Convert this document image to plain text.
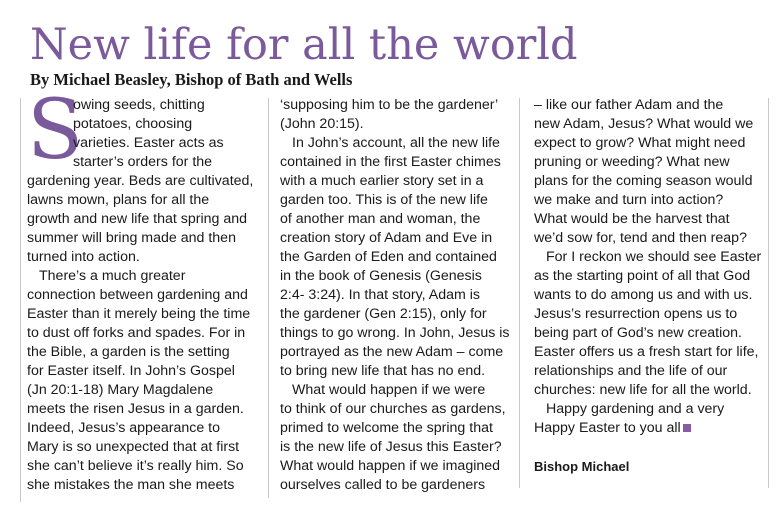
New life for all the world
By Michael Beasley, Bishop of Bath and Wells

S
owing seeds, chitting
potatoes, choosing
varieties. Easter acts as
starter’s orders for the
gardening year. Beds are cultivated,
lawns mown, plans for all the
growth and new life that spring and
summer will bring made and then
turned into action.

There’s a much greater
connection between gardening and
Easter than it merely being the time
to dust off forks and spades. For in
the Bible, a garden is the setting
for Easter itself. In John’s Gospel
(Jn 20:1-18) Mary Magdalene
meets the risen Jesus in a garden.
Indeed, Jesus’s appearance to
Mary is so unexpected that at first
she can’t believe it’s really him. So
she mistakes the man she meets

‘supposing him to be the gardener’
(John 20:15).

In John’s account, all the new life
contained in the first Easter chimes
with a much earlier story set in a
garden too. This is of the new life
of another man and woman, the
creation story of Adam and Eve in
the Garden of Eden and contained
in the book of Genesis (Genesis
2:4- 3:24). In that story, Adam is
the gardener (Gen 2:15), only for
things to go wrong. In John, Jesus is
portrayed as the new Adam – come
to bring new life that has no end.

What would happen if we were
to think of our churches as gardens,
primed to welcome the spring that
is the new life of Jesus this Easter?
What would happen if we imagined
ourselves called to be gardeners

– like our father Adam and the
new Adam, Jesus? What would we
expect to grow? What might need
pruning or weeding? What new
plans for the coming season would
we make and turn into action?
What would be the harvest that
we’d sow for, tend and then reap?

For I reckon we should see Easter
as the starting point of all that God
wants to do among us and with us.
Jesus’s resurrection opens us to
being part of God’s new creation.
Easter offers us a fresh start for life,
relationships and the life of our
churches: new life for all the world.

Happy gardening and a very
Happy Easter to you all

Bishop Michael
